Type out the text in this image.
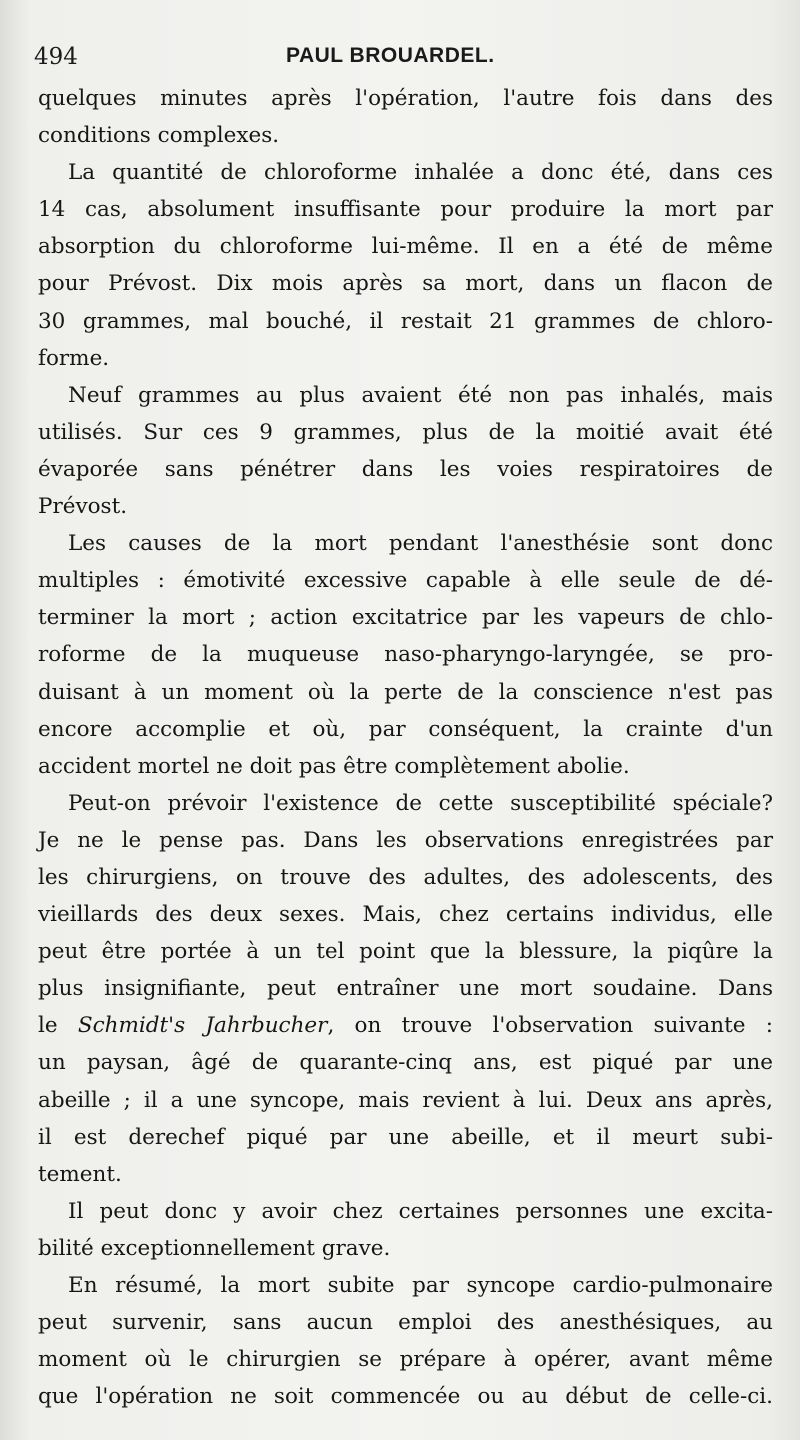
494	PAUL BROUARDEL.

quelques minutes après l'opération, l'autre fois dans des
conditions complexes.

La quantité de chloroforme inhalée a donc été, dans ces
14 cas, absolument insuffisante pour produire la mort par
absorption du chloroforme lui-même. Il en a été de même
pour Prévost. Dix mois après sa mort, dans un flacon de
30 grammes, mal bouché, il restait 21 grammes de chloro-
forme.

Neuf grammes au plus avaient été non pas inhalés, mais
utilisés. Sur ces 9 grammes, plus de la moitié avait été
évaporée sans pénétrer dans les voies respiratoires de
Prévost.

Les causes de la mort pendant l'anesthésie sont donc
multiples : émotivité excessive capable à elle seule de dé-
terminer la mort ; action excitatrice par les vapeurs de chlo-
roforme de la muqueuse naso-pharyngo-laryngée, se pro-
duisant à un moment où la perte de la conscience n'est pas
encore accomplie et où, par conséquent, la crainte d'un
accident mortel ne doit pas être complètement abolie.

Peut-on prévoir l'existence de cette susceptibilité spéciale?
Je ne le pense pas. Dans les observations enregistrées par
les chirurgiens, on trouve des adultes, des adolescents, des
vieillards des deux sexes. Mais, chez certains individus, elle
peut être portée à un tel point que la blessure, la piqûre la
plus insignifiante, peut entraîner une mort soudaine. Dans
le Schmidt's Jahrbucher, on trouve l'observation suivante :
un paysan, âgé de quarante-cinq ans, est piqué par une
abeille ; il a une syncope, mais revient à lui. Deux ans après,
il est derechef piqué par une abeille, et il meurt subi-
tement.

Il peut donc y avoir chez certaines personnes une excita-
bilité exceptionnellement grave.

En résumé, la mort subite par syncope cardio-pulmonaire
peut survenir, sans aucun emploi des anesthésiques, au
moment où le chirurgien se prépare à opérer, avant même
que l'opération ne soit commencée ou au début de celle-ci.
